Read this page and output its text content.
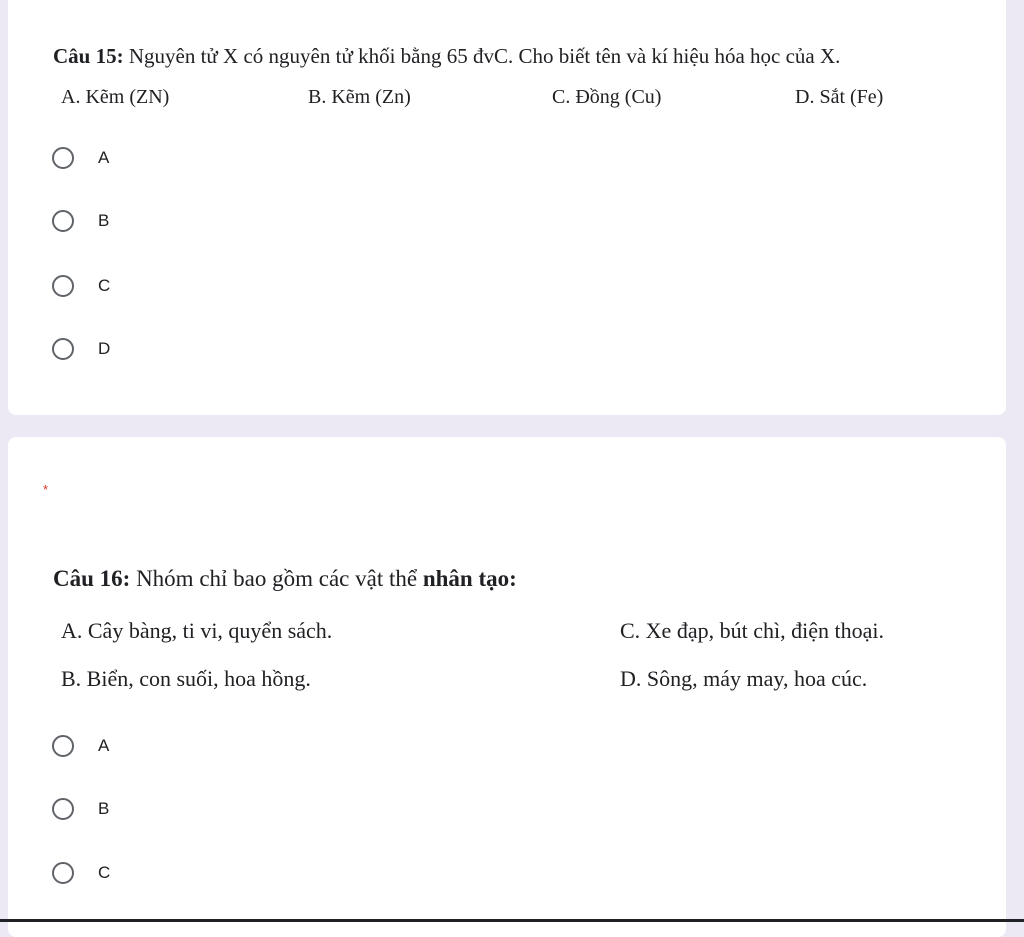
Câu 15: Nguyên tử X có nguyên tử khối bằng 65 đvC. Cho biết tên và kí hiệu hóa học của X.
A. Kẽm (ZN)	B. Kẽm (Zn)	C. Đồng (Cu)	D. Sắt (Fe)
A
B
C
D
*
Câu 16: Nhóm chỉ bao gồm các vật thể nhân tạo:
A. Cây bàng, ti vi, quyển sách.	C. Xe đạp, bút chì, điện thoại.
B. Biển, con suối, hoa hồng.	D. Sông, máy may, hoa cúc.
A
B
C
